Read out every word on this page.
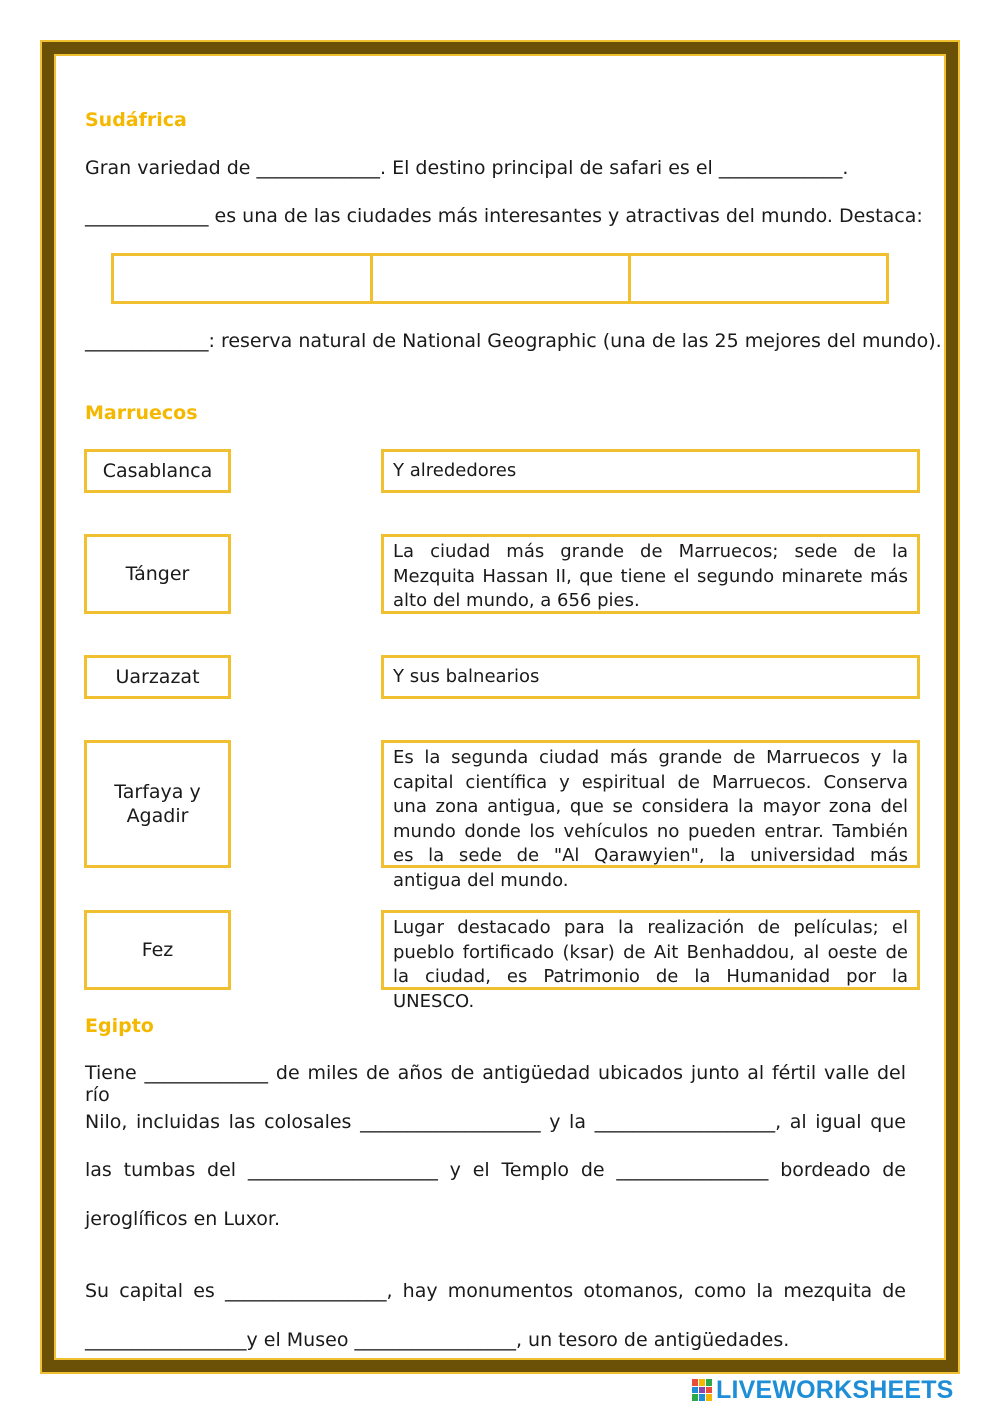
Sudáfrica
Gran variedad de _____________. El destino principal de safari es el _____________.
_____________ es una de las ciudades más interesantes y atractivas del mundo. Destaca:
_____________: reserva natural de National Geographic (una de las 25 mejores del mundo).
Marruecos
Casablanca	Y alrededores
Tánger
La ciudad más grande de Marruecos; sede de la Mezquita Hassan II, que tiene el segundo minarete más alto del mundo, a 656 pies.
Uarzazat	Y sus balnearios
Tarfaya y Agadir
Es la segunda ciudad más grande de Marruecos y la capital científica y espiritual de Marruecos. Conserva una zona antigua, que se considera la mayor zona del mundo donde los vehículos no pueden entrar. También es la sede de "Al Qarawyien", la universidad más antigua del mundo.
Fez
Lugar destacado para la realización de películas; el pueblo fortificado (ksar) de Ait Benhaddou, al oeste de la ciudad, es Patrimonio de la Humanidad por la UNESCO.
Egipto
Tiene _____________ de miles de años de antigüedad ubicados junto al fértil valle del río
Nilo, incluidas las colosales ___________________ y la ___________________, al igual que
las tumbas del ____________________ y el Templo de ________________ bordeado de
jeroglíficos en Luxor.
Su capital es _________________, hay monumentos otomanos, como la mezquita de
_________________y el Museo _________________, un tesoro de antigüedades.
LIVEWORKSHEETS
